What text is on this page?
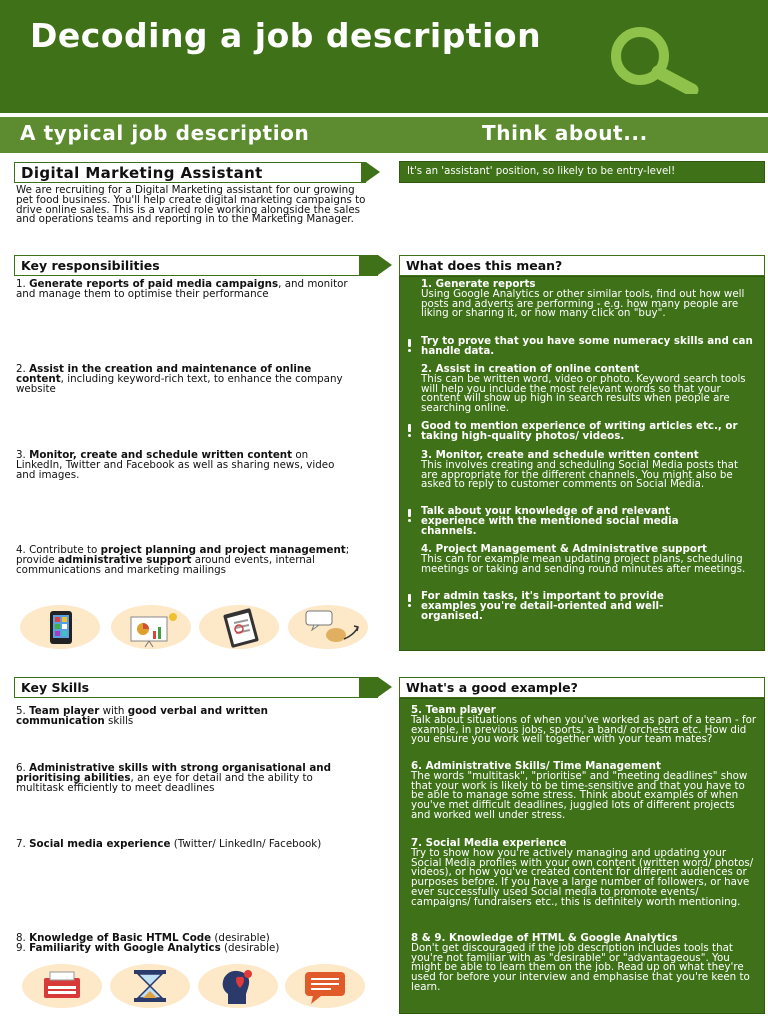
Decoding a job description
A typical job description	Think about...
Digital Marketing Assistant
We are recruiting for a Digital Marketing assistant for our growing pet food business. You'll help create digital marketing campaigns to drive online sales. This is a varied role working alongside the sales and operations teams and reporting in to the Marketing Manager.
It's an 'assistant' position, so likely to be entry-level!
Key responsibilities
1. Generate reports of paid media campaigns, and monitor and manage them to optimise their performance
2. Assist in the creation and maintenance of online content, including keyword-rich text, to enhance the company website
3. Monitor, create and schedule written content on LinkedIn, Twitter and Facebook as well as sharing news, video and images.
4. Contribute to project planning and project management; provide administrative support around events, internal communications and marketing mailings
What does this mean?
1. Generate reports
Using Google Analytics or other similar tools, find out how well posts and adverts are performing - e.g. how many people are liking or sharing it, or how many click on "buy".
Try to prove that you have some numeracy skills and can handle data.
2. Assist in creation of online content
This can be written word, video or photo. Keyword search tools will help you include the most relevant words so that your content will show up high in search results when people are searching online.
Good to mention experience of writing articles etc., or taking high-quality photos/ videos.
3. Monitor, create and schedule written content
This involves creating and scheduling Social Media posts that are appropriate for the different channels. You might also be asked to reply to customer comments on Social Media.
Talk about your knowledge of and relevant experience with the mentioned social media channels.
4. Project Management & Administrative support
This can for example mean updating project plans, scheduling meetings or taking and sending round minutes after meetings.
For admin tasks, it's important to provide examples you're detail-oriented and well-organised.
Key Skills
5. Team player with good verbal and written communication skills
6. Administrative skills with strong organisational and prioritising abilities, an eye for detail and the ability to multitask efficiently to meet deadlines
7. Social media experience (Twitter/ LinkedIn/ Facebook)
8. Knowledge of Basic HTML Code (desirable)
9. Familiarity with Google Analytics (desirable)
What's a good example?
5. Team player
Talk about situations of when you've worked as part of a team - for example, in previous jobs, sports, a band/ orchestra etc. How did you ensure you work well together with your team mates?
6. Administrative Skills/ Time Management
The words "multitask", "prioritise" and "meeting deadlines" show that your work is likely to be time-sensitive and that you have to be able to manage some stress. Think about examples of when you've met difficult deadlines, juggled lots of different projects and worked well under stress.
7. Social Media experience
Try to show how you're actively managing and updating your Social Media profiles with your own content (written word/ photos/ videos), or how you've created content for different audiences or purposes before. If you have a large number of followers, or have ever successfully used Social media to promote events/ campaigns/ fundraisers etc., this is definitely worth mentioning.
8 & 9. Knowledge of HTML & Google Analytics
Don't get discouraged if the job description includes tools that you're not familiar with as "desirable" or "advantageous". You might be able to learn them on the job. Read up on what they're used for before your interview and emphasise that you're keen to learn.
